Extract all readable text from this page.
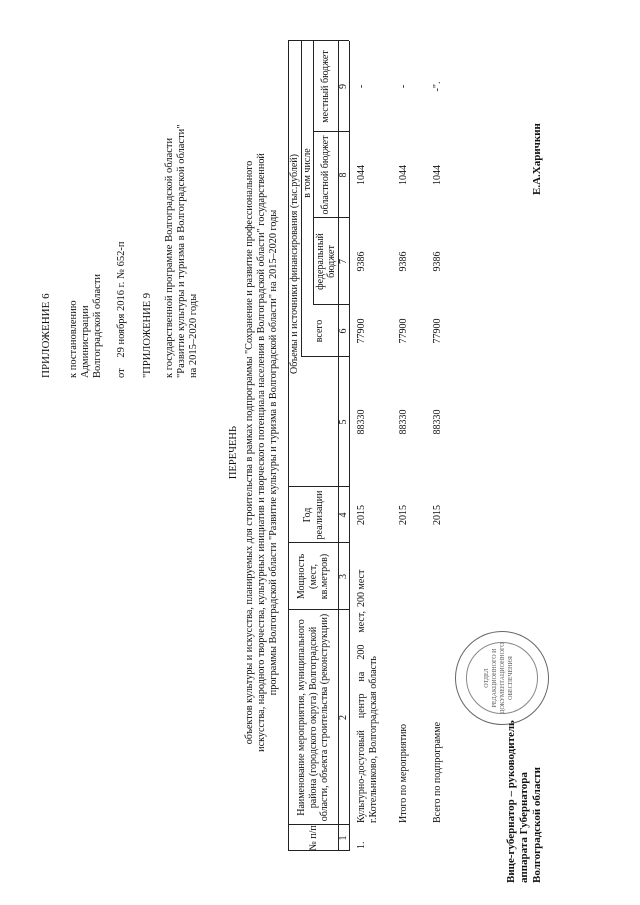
ПРИЛОЖЕНИЕ 6 к постановлению Администрации Волгоградской области от 29 ноября 2016 г. № 652-п "ПРИЛОЖЕНИЕ 9 к государственной программе Волгоградской области "Развитие культуры и туризма в Волгоградской области" на 2015–2020 годы
ПЕРЕЧЕНЬ объектов культуры и искусства, планируемых для строительства в рамках подпрограммы "Сохранение и развитие профессионального искусства, народного творчества, культурных инициатив и творческого потенциала населения в Волгоградской области" государственной программы Волгоградской области "Развитие культуры и туризма в Волгоградской области" на 2015–2020 годы
№ п/п
Наименование мероприятия, муниципального района (городского округа) Волгоградской области, объекта строительства (реконструкции)
Мощность (мест, кв.метров)
Год реализации
Объемы и источники финансирования (тыс.рублей)	всего
в том числе
федеральный бюджет
областной бюджет
местный бюджет
1
2
3
4
5
6
7
8
9
1.
Культурно-досуговый центр на 200 мест, г.Котельниково, Волгоградская область
200 мест
2015
88330
77900
9386
1044
-
Итого по мероприятию
2015
88330
77900
9386
1044
-
Всего по подпрограмме
2015
88330
77900
9386
1044
-".
Вице-губернатор – руководитель аппарата Губернатора Волгоградской области
Е.А.Харичкин
ОТДЕЛ РЕДАКЦИОННОГО И ДОКУМЕНТАЦИОННОГО ОБЕСПЕЧЕНИЯ
